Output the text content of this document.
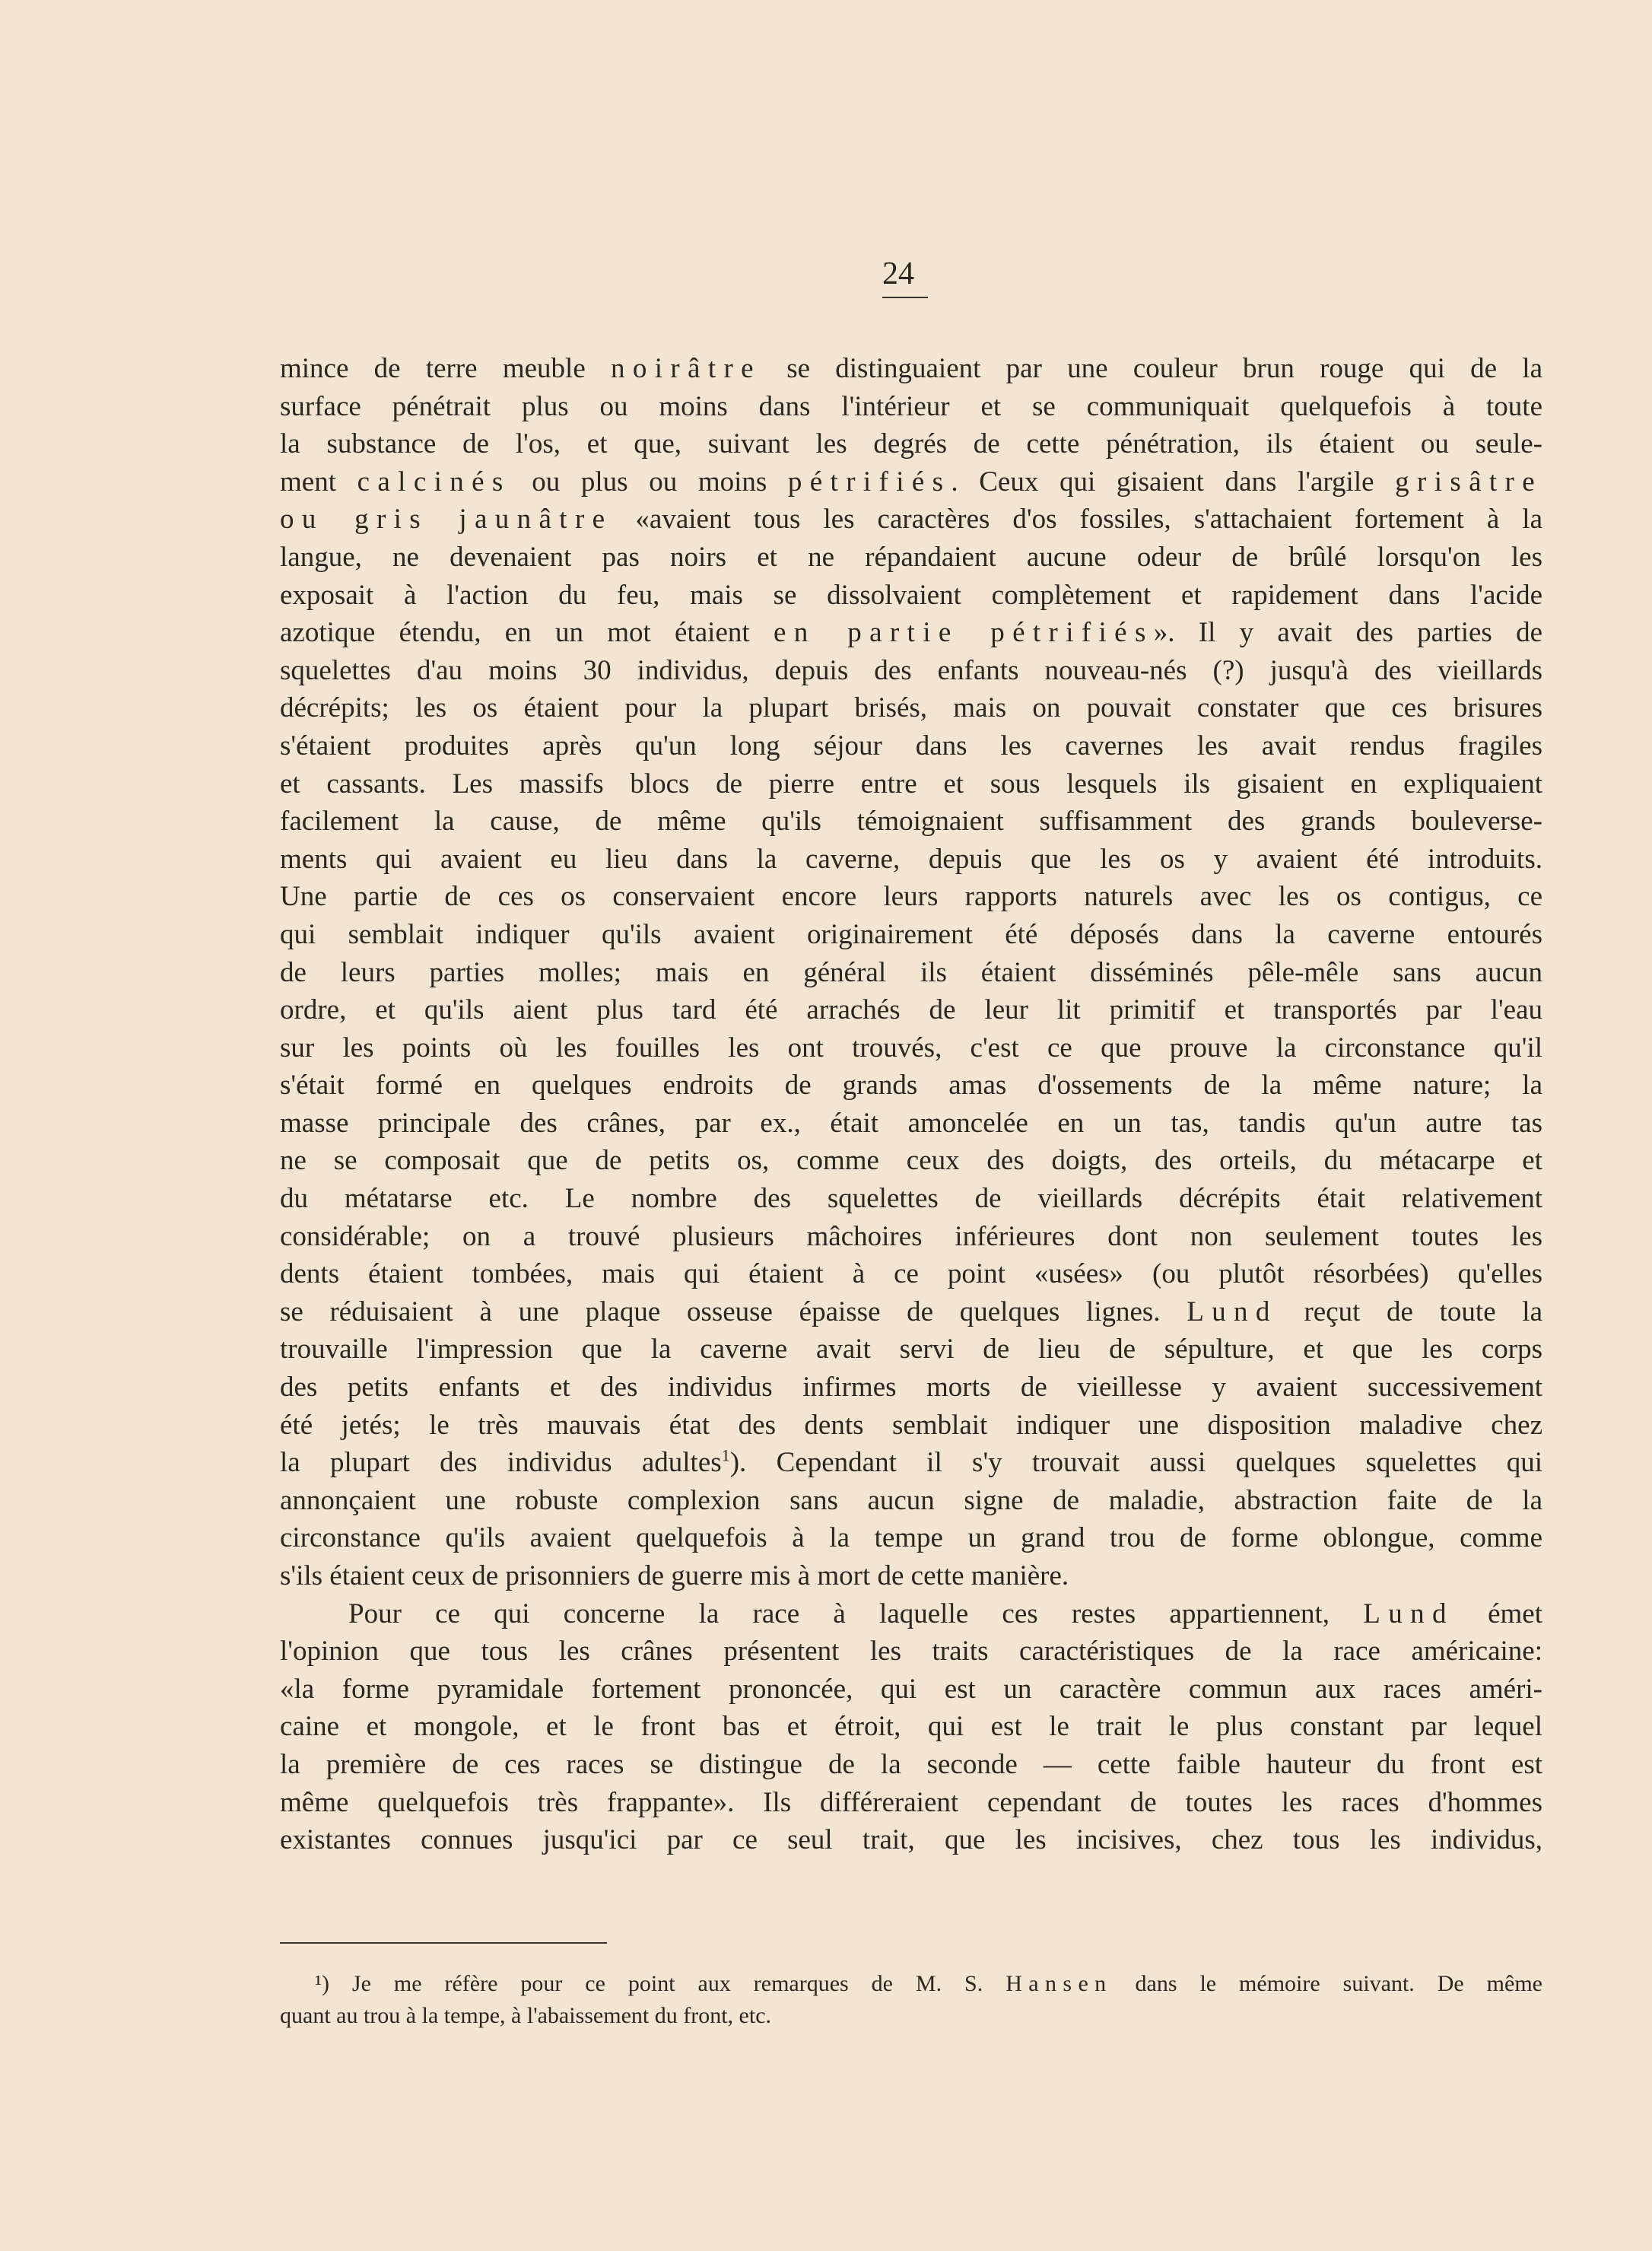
24
mince de terre meuble noirâtre se distinguaient par une couleur brun rouge qui de la
surface pénétrait plus ou moins dans l'intérieur et se communiquait quelquefois à toute
la substance de l'os, et que, suivant les degrés de cette pénétration, ils étaient ou seule-
ment calcinés ou plus ou moins pétrifiés. Ceux qui gisaient dans l'argile grisâtre
ou gris jaunâtre «avaient tous les caractères d'os fossiles, s'attachaient fortement à la
langue, ne devenaient pas noirs et ne répandaient aucune odeur de brûlé lorsqu'on les
exposait à l'action du feu, mais se dissolvaient complètement et rapidement dans l'acide
azotique étendu, en un mot étaient en partie pétrifiés». Il y avait des parties de
squelettes d'au moins 30 individus, depuis des enfants nouveau-nés (?) jusqu'à des vieillards
décrépits; les os étaient pour la plupart brisés, mais on pouvait constater que ces brisures
s'étaient produites après qu'un long séjour dans les cavernes les avait rendus fragiles
et cassants. Les massifs blocs de pierre entre et sous lesquels ils gisaient en expliquaient
facilement la cause, de même qu'ils témoignaient suffisamment des grands bouleverse-
ments qui avaient eu lieu dans la caverne, depuis que les os y avaient été introduits.
Une partie de ces os conservaient encore leurs rapports naturels avec les os contigus, ce
qui semblait indiquer qu'ils avaient originairement été déposés dans la caverne entourés
de leurs parties molles; mais en général ils étaient disséminés pêle-mêle sans aucun
ordre, et qu'ils aient plus tard été arrachés de leur lit primitif et transportés par l'eau
sur les points où les fouilles les ont trouvés, c'est ce que prouve la circonstance qu'il
s'était formé en quelques endroits de grands amas d'ossements de la même nature; la
masse principale des crânes, par ex., était amoncelée en un tas, tandis qu'un autre tas
ne se composait que de petits os, comme ceux des doigts, des orteils, du métacarpe et
du métatarse etc. Le nombre des squelettes de vieillards décrépits était relativement
considérable; on a trouvé plusieurs mâchoires inférieures dont non seulement toutes les
dents étaient tombées, mais qui étaient à ce point «usées» (ou plutôt résorbées) qu'elles
se réduisaient à une plaque osseuse épaisse de quelques lignes. Lund reçut de toute la
trouvaille l'impression que la caverne avait servi de lieu de sépulture, et que les corps
des petits enfants et des individus infirmes morts de vieillesse y avaient successivement
été jetés; le très mauvais état des dents semblait indiquer une disposition maladive chez
la plupart des individus adultes$^1$). Cependant il s'y trouvait aussi quelques squelettes qui
annonçaient une robuste complexion sans aucun signe de maladie, abstraction faite de la
circonstance qu'ils avaient quelquefois à la tempe un grand trou de forme oblongue, comme
s'ils étaient ceux de prisonniers de guerre mis à mort de cette manière.
Pour ce qui concerne la race à laquelle ces restes appartiennent, Lund émet
l'opinion que tous les crânes présentent les traits caractéristiques de la race américaine:
«la forme pyramidale fortement prononcée, qui est un caractère commun aux races améri-
caine et mongole, et le front bas et étroit, qui est le trait le plus constant par lequel
la première de ces races se distingue de la seconde — cette faible hauteur du front est
même quelquefois très frappante». Ils différeraient cependant de toutes les races d'hommes
existantes connues jusqu'ici par ce seul trait, que les incisives, chez tous les individus,
¹) Je me réfère pour ce point aux remarques de M. S. Hansen dans le mémoire suivant. De même
quant au trou à la tempe, à l'abaissement du front, etc.
